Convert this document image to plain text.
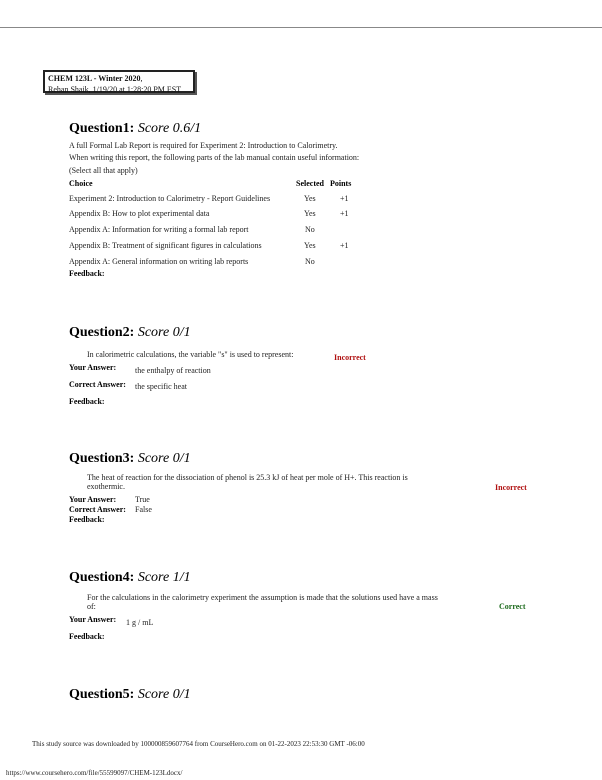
CHEM 123L - Winter 2020,
Rehan Shaik, 1/19/20 at 1:28:20 PM EST
Question1: Score 0.6/1
A full Formal Lab Report is required for Experiment 2: Introduction to Calorimetry.
When writing this report, the following parts of the lab manual contain useful information:
(Select all that apply)
Choice	Selected Points
Experiment 2: Introduction to Calorimetry - Report Guidelines	Yes	+1
Appendix B: How to plot experimental data	Yes	+1
Appendix A: Information for writing a formal lab report	No
Appendix B: Treatment of significant figures in calculations	Yes	+1
Appendix A: General information on writing lab reports	No
Feedback:
Question2: Score 0/1
In calorimetric calculations, the variable "s" is used to represent:	Incorrect
Your Answer: the enthalpy of reaction
Correct Answer: the specific heat
Feedback:
Question3: Score 0/1
The heat of reaction for the dissociation of phenol is 25.3 kJ of heat per mole of H+. This reaction is
exothermic.	Incorrect
Your Answer: True
Correct Answer: False
Feedback:
Question4: Score 1/1
For the calculations in the calorimetry experiment the assumption is made that the solutions used have a mass
of:	Correct
Your Answer: 1 g / mL
Feedback:
Question5: Score 0/1
This study source was downloaded by 100000859607764 from CourseHero.com on 01-22-2023 22:53:30 GMT -06:00
https://www.coursehero.com/file/55599097/CHEM-123Ldocx/
